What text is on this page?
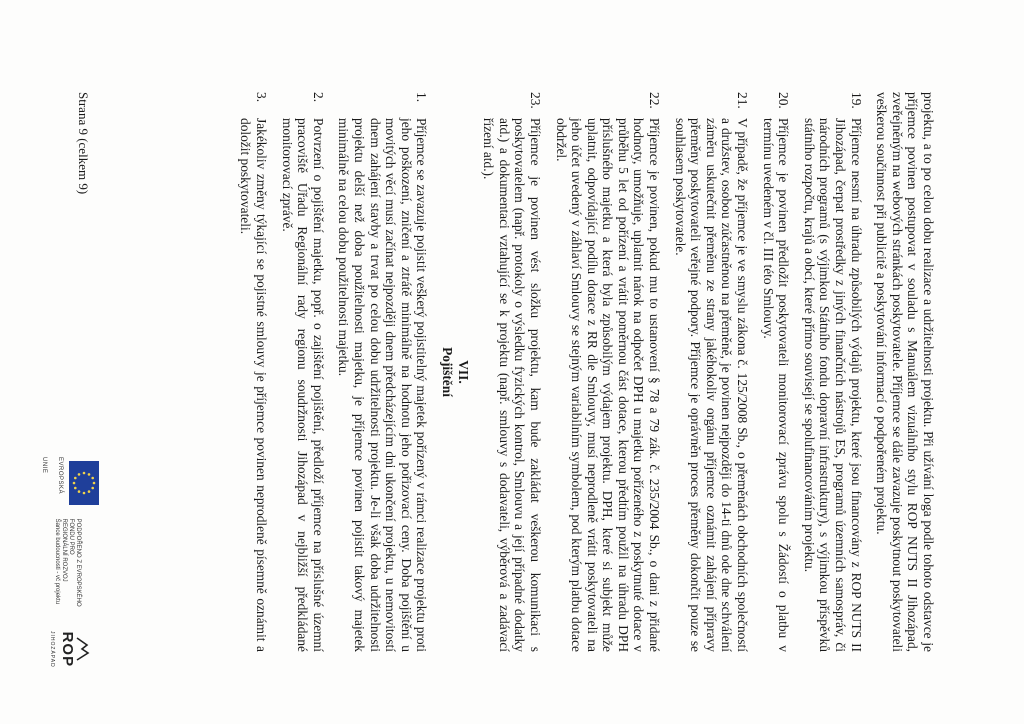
projektu, a to po celou dobu realizace a udržitelnosti projektu. Při užívání loga podle tohoto odstavce je příjemce povinen postupovat v souladu s Manuálem vizuálního stylu ROP NUTS II Jihozápad, zveřejněným na webových stránkách poskytovatele. Příjemce se dále zavazuje poskytnout poskytovateli veškerou součinnost při publicitě a poskytování informací o podpořeném projektu.

19.
Příjemce nesmí na úhradu způsobilých výdajů projektu, které jsou financovány z ROP NUTS II Jihozápad, čerpat prostředky z jiných finančních nástrojů ES, programů územních samospráv, či národních programů (s výjimkou Státního fondu dopravní infrastruktury), s výjimkou příspěvků státního rozpočtu, krajů a obcí, které přímo souvisejí se spolufinancováním projektu.
20.
Příjemce je povinen předložit poskytovateli monitorovací zprávu spolu s Žádostí o platbu v termínu uvedeném v čl. III této Smlouvy.
21.
V případě, že příjemce je ve smyslu zákona č. 125/2008 Sb., o přeměnách obchodních společností a družstev, osobou zúčastněnou na přeměně, je povinen nejpozději do 14-ti dnů ode dne schválení záměru uskutečnit přeměnu ze strany jakéhokoliv orgánu příjemce oznámit zahájení přípravy přeměny poskytovateli veřejné podpory. Příjemce je oprávněn proces přeměny dokončit pouze se souhlasem poskytovatele.
22.
Příjemce je povinen, pokud mu to ustanovení § 78 a 79 zák. č. 235/2004 Sb., o dani z přidané hodnoty, umožňuje, uplatnit nárok na odpočet DPH u majetku pořízeného z poskytnuté dotace v průběhu 5 let od pořízení a vrátit poměrnou část dotace, kterou předtím použil na úhradu DPH příslušného majetku a která byla způsobilým výdajem projektu. DPH, které si subjekt může uplatnit, odpovídající podílu dotace z RR dle Smlouvy, musí neprodleně vrátit poskytovateli na jeho účet uvedený v záhlaví Smlouvy se stejným variabilním symbolem, pod kterým platbu dotace obdržel.
23.
Příjemce je povinen vést složku projektu, kam bude zakládat veškerou komunikaci s poskytovatelem (např. protokoly o výsledku fyzických kontrol, Smlouvu a její případné dodatky atd.) a dokumentaci vztahující se k projektu (např. smlouvy s dodavateli, výběrová a zadávací řízení atd.).
VII.
Pojištění
1.
Příjemce se zavazuje pojistit veškerý pojistitelný majetek pořízený v rámci realizace projektu proti jeho poškození, zničení a ztrátě minimálně na hodnotu jeho pořizovací ceny. Doba pojištění u movitých věcí musí začínat nejpozději dnem předcházejícím dni ukončení projektu, u nemovitostí dnem zahájení stavby a trvat po celou dobu udržitelnosti projektu. Je-li však doba udržitelnosti projektu delší než doba použitelnosti majetku, je příjemce povinen pojistit takový majetek minimálně na celou dobu použitelnosti majetku.
2.
Potvrzení o pojištění majetku, popř. o zajištění pojištění, předloží příjemce na příslušné územní pracoviště Úřadu Regionální rady regionu soudržnosti Jihozápad v nejbližší předkládané monitorovací zprávě.
3.
Jakékoliv změny týkající se pojistné smlouvy je příjemce povinen neprodleně písemně oznámit a doložit poskytovateli.
Strana 9 (celkem 9)
EVROPSKÁ UNIE
PODPOŘENO Z EVROPSKÉHO FONDU PRO
REGIONÁLNÍ ROZVOJ
Šance budoucnosti - vč projektu
ROP
JIHOZÁPAD
